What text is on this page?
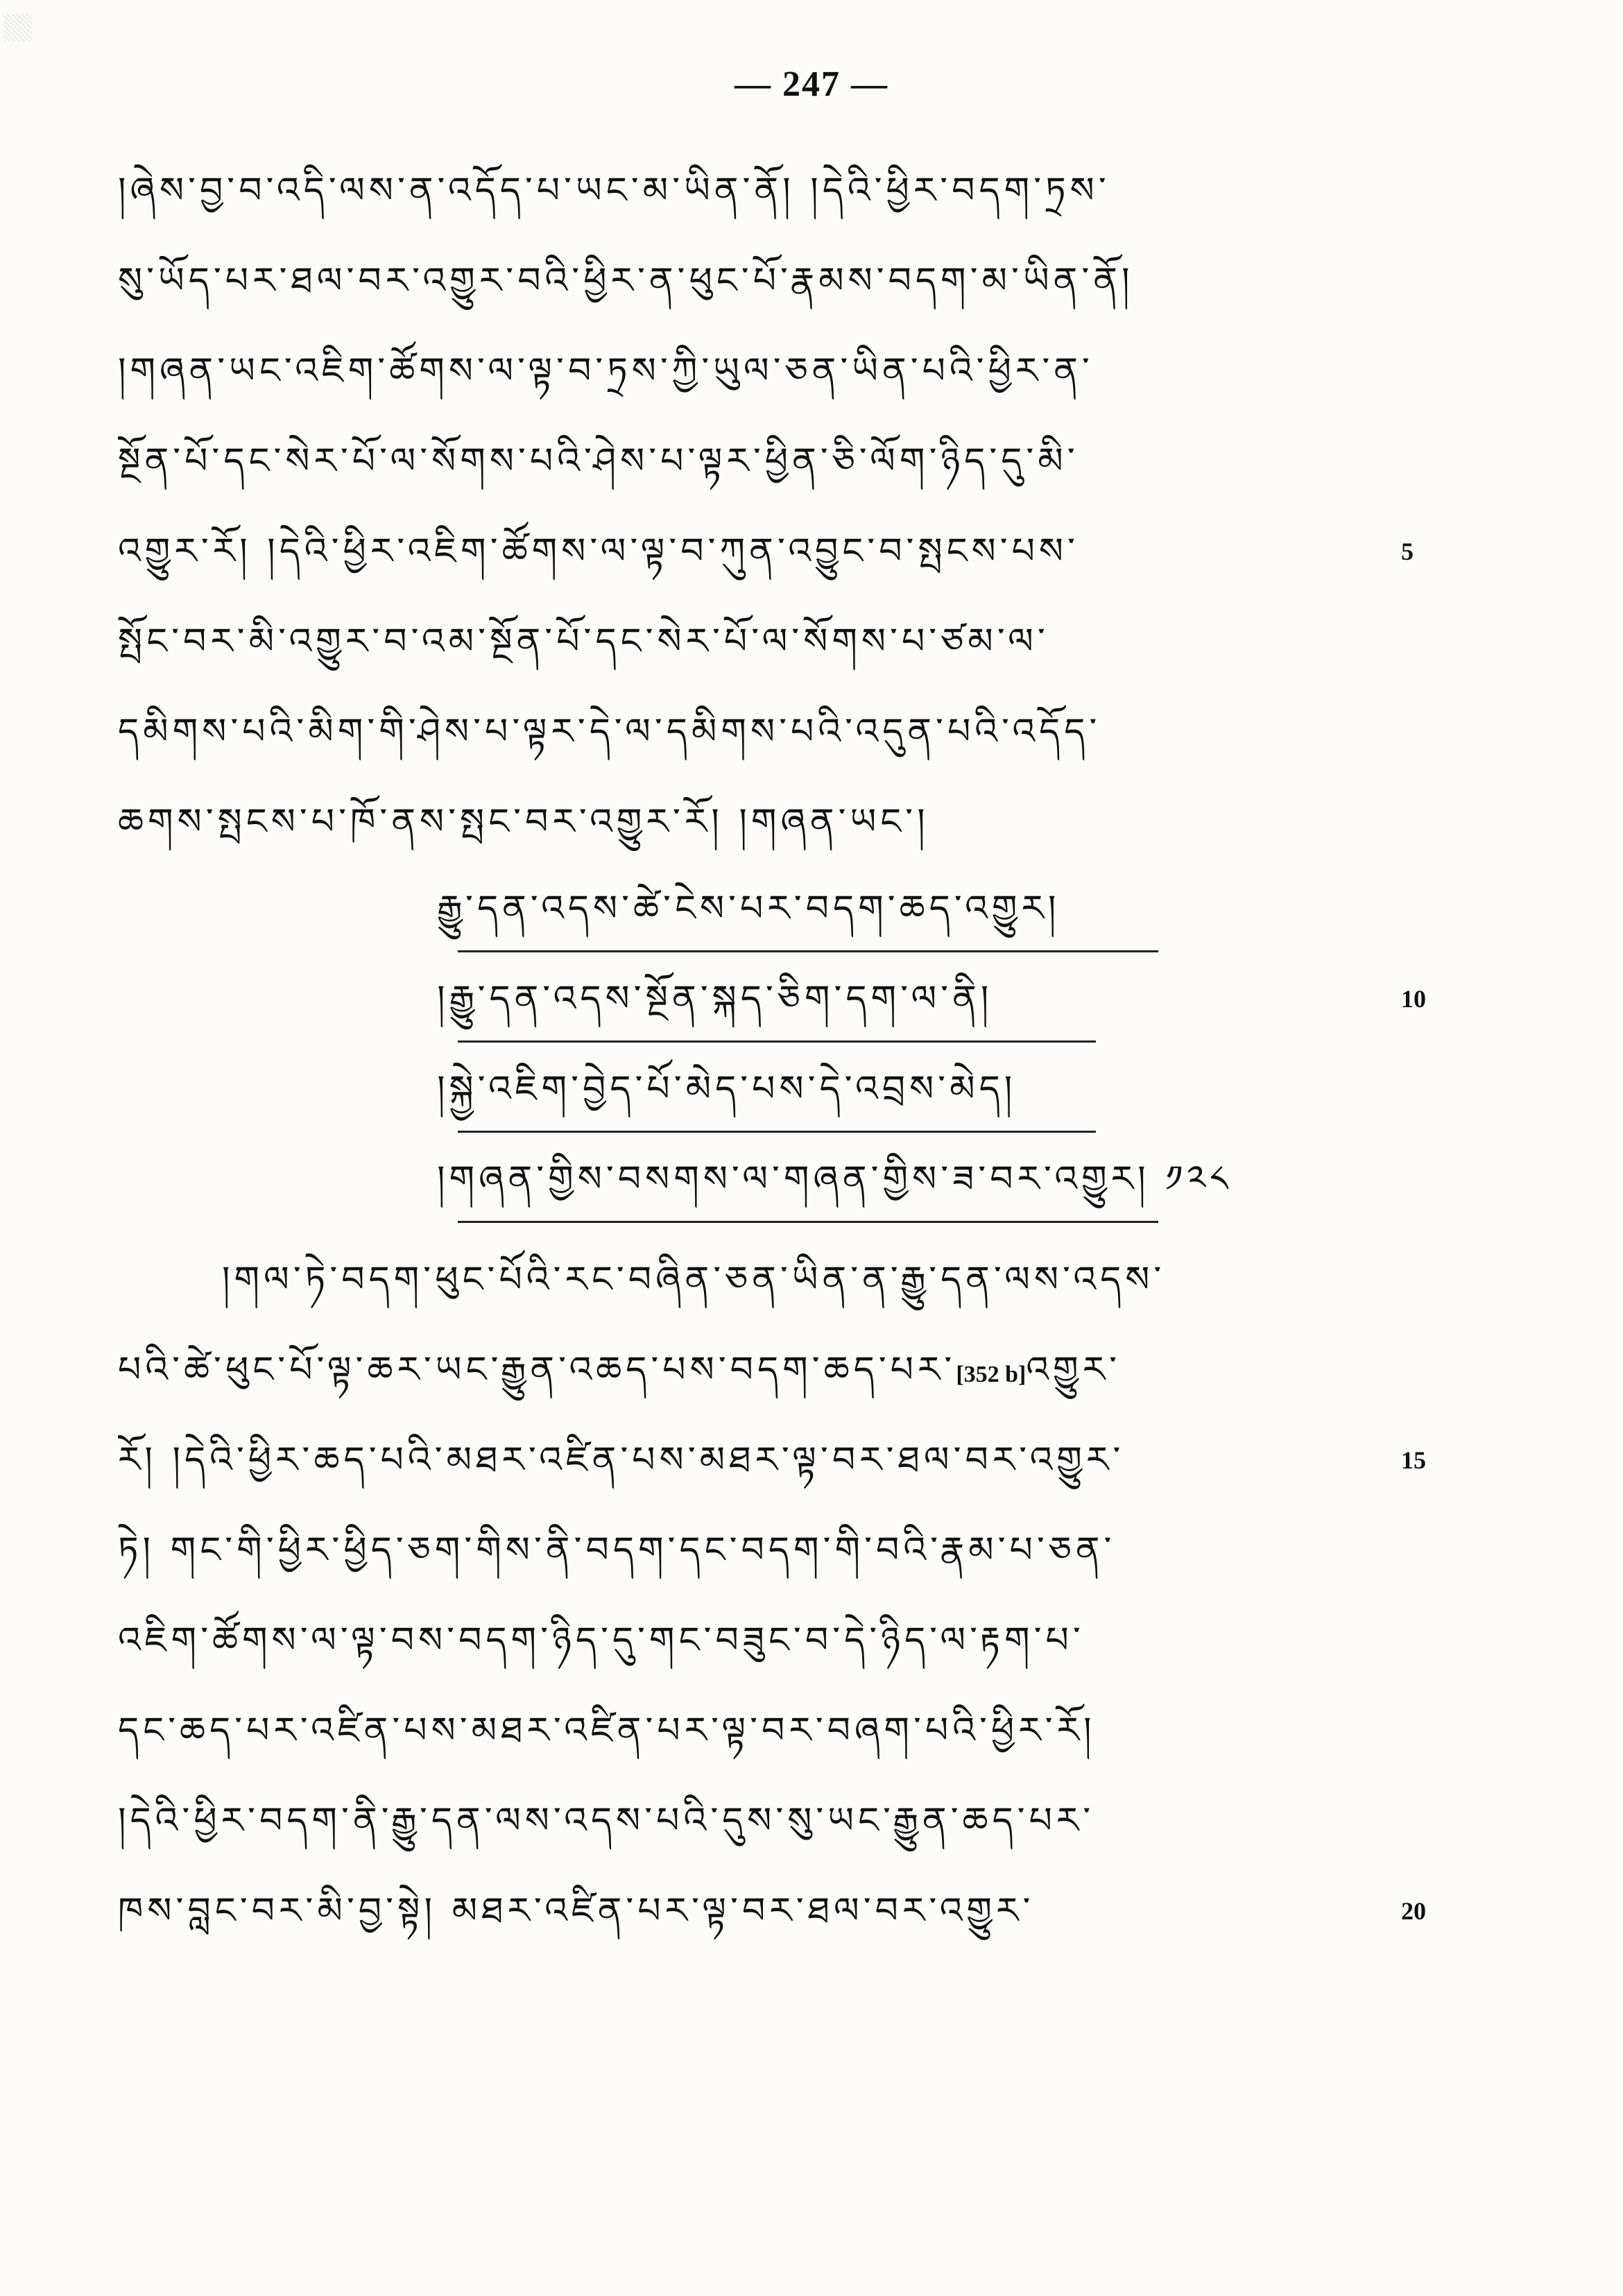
— 247 —
།ཞེས་བྱ་བ་འདི་ལས་ན་འདོད་པ་ཡང་མ་ཡིན་ནོ། །དེའི་ཕྱིར་བདག་ཏྲས་
སུ་ཡོད་པར་ཐལ་བར་འགྱུར་བའི་ཕྱིར་ན་ཕུང་པོ་རྣམས་བདག་མ་ཡིན་ནོ།
།གཞན་ཡང་འཇིག་ཚོགས་ལ་ལྟ་བ་ཏྲས་ཀྱི་ཡུལ་ཅན་ཡིན་པའི་ཕྱིར་ན་
སྔོན་པོ་དང་སེར་པོ་ལ་སོགས་པའི་ཤེས་པ་ལྟར་ཕྱིན་ཅི་ལོག་ཉིད་དུ་མི་
འགྱུར་རོ། །དེའི་ཕྱིར་འཇིག་ཚོགས་ལ་ལྟ་བ་ཀུན་འབྱུང་བ་སྤངས་པས་	5
སྤོང་བར་མི་འགྱུར་བ་འམ་སྔོན་པོ་དང་སེར་པོ་ལ་སོགས་པ་ཙམ་ལ་
དམིགས་པའི་མིག་གི་ཤེས་པ་ལྟར་དེ་ལ་དམིགས་པའི་འདུན་པའི་འདོད་
ཆགས་སྤངས་པ་ཁོ་ནས་སྤང་བར་འགྱུར་རོ། །གཞན་ཡང་།
རྒྱུ་དན་འདས་ཚེ་ངེས་པར་བདག་ཆད་འགྱུར།
།རྒྱུ་དན་འདས་སྔོན་སྐད་ཅིག་དག་ལ་ནི།	10
།སྐྱེ་འཇིག་བྱེད་པོ་མེད་པས་དེ་འབྲས་མེད།
།གཞན་གྱིས་བསགས་ལ་གཞན་གྱིས་ཟ་བར་འགྱུར། ༡༢༨
།གལ་ཏེ་བདག་ཕུང་པོའི་རང་བཞིན་ཅན་ཡིན་ན་རྒྱུ་དན་ལས་འདས་
པའི་ཚེ་ཕུང་པོ་ལྟ་ཆར་ཡང་རྒྱུན་འཆད་པས་བདག་ཆད་པར་[352 b]འགྱུར་
རོ། །དེའི་ཕྱིར་ཆད་པའི་མཐར་འཛིན་པས་མཐར་ལྟ་བར་ཐལ་བར་འགྱུར་	15
ཏེ། གང་གི་ཕྱིར་ཕྱིད་ཅག་གིས་ནི་བདག་དང་བདག་གི་བའི་རྣམ་པ་ཅན་
འཇིག་ཚོགས་ལ་ལྟ་བས་བདག་ཉིད་དུ་གང་བཟུང་བ་དེ་ཉིད་ལ་རྟག་པ་
དང་ཆད་པར་འཛིན་པས་མཐར་འཛིན་པར་ལྟ་བར་བཞག་པའི་ཕྱིར་རོ།
།དེའི་ཕྱིར་བདག་ནི་རྒྱུ་དན་ལས་འདས་པའི་དུས་སུ་ཡང་རྒྱུན་ཆད་པར་
ཁས་བླང་བར་མི་བྱ་སྟེ། མཐར་འཛིན་པར་ལྟ་བར་ཐལ་བར་འགྱུར་	20
